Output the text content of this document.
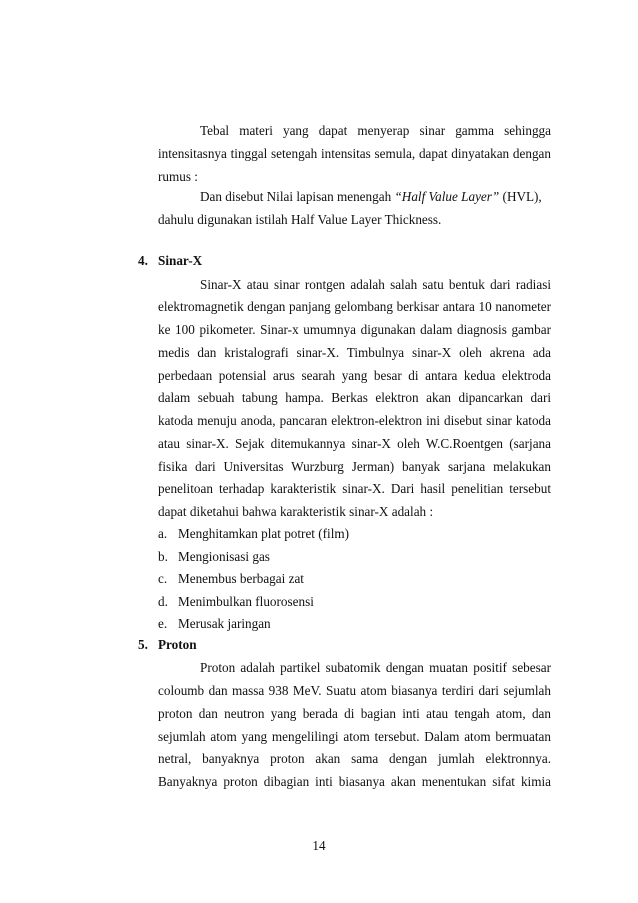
Tebal materi yang dapat menyerap sinar gamma sehingga
intensitasnya tinggal setengah intensitas semula, dapat dinyatakan dengan
rumus :
Dan disebut Nilai lapisan menengah “Half Value Layer” (HVL),
dahulu digunakan istilah Half Value Layer Thickness.
4. Sinar-X
Sinar-X atau sinar rontgen adalah salah satu bentuk dari radiasi
elektromagnetik dengan panjang gelombang berkisar antara 10 nanometer
ke 100 pikometer. Sinar-x umumnya digunakan dalam diagnosis gambar
medis dan kristalografi sinar-X. Timbulnya sinar-X oleh akrena ada
perbedaan potensial arus searah yang besar di antara kedua elektroda
dalam sebuah tabung hampa. Berkas elektron akan dipancarkan dari
katoda menuju anoda, pancaran elektron-elektron ini disebut sinar katoda
atau sinar-X. Sejak ditemukannya sinar-X oleh W.C.Roentgen (sarjana
fisika dari Universitas Wurzburg Jerman) banyak sarjana melakukan
penelitoan terhadap karakteristik sinar-X. Dari hasil penelitian tersebut
dapat diketahui bahwa karakteristik sinar-X adalah :
a. Menghitamkan plat potret (film)
b. Mengionisasi gas
c. Menembus berbagai zat
d. Menimbulkan fluorosensi
e. Merusak jaringan
5. Proton
Proton adalah partikel subatomik dengan muatan positif sebesar
coloumb dan massa 938 MeV. Suatu atom biasanya terdiri dari sejumlah
proton dan neutron yang berada di bagian inti atau tengah atom, dan
sejumlah atom yang mengelilingi atom tersebut. Dalam atom bermuatan
netral, banyaknya proton akan sama dengan jumlah elektronnya.
Banyaknya proton dibagian inti biasanya akan menentukan sifat kimia
14
